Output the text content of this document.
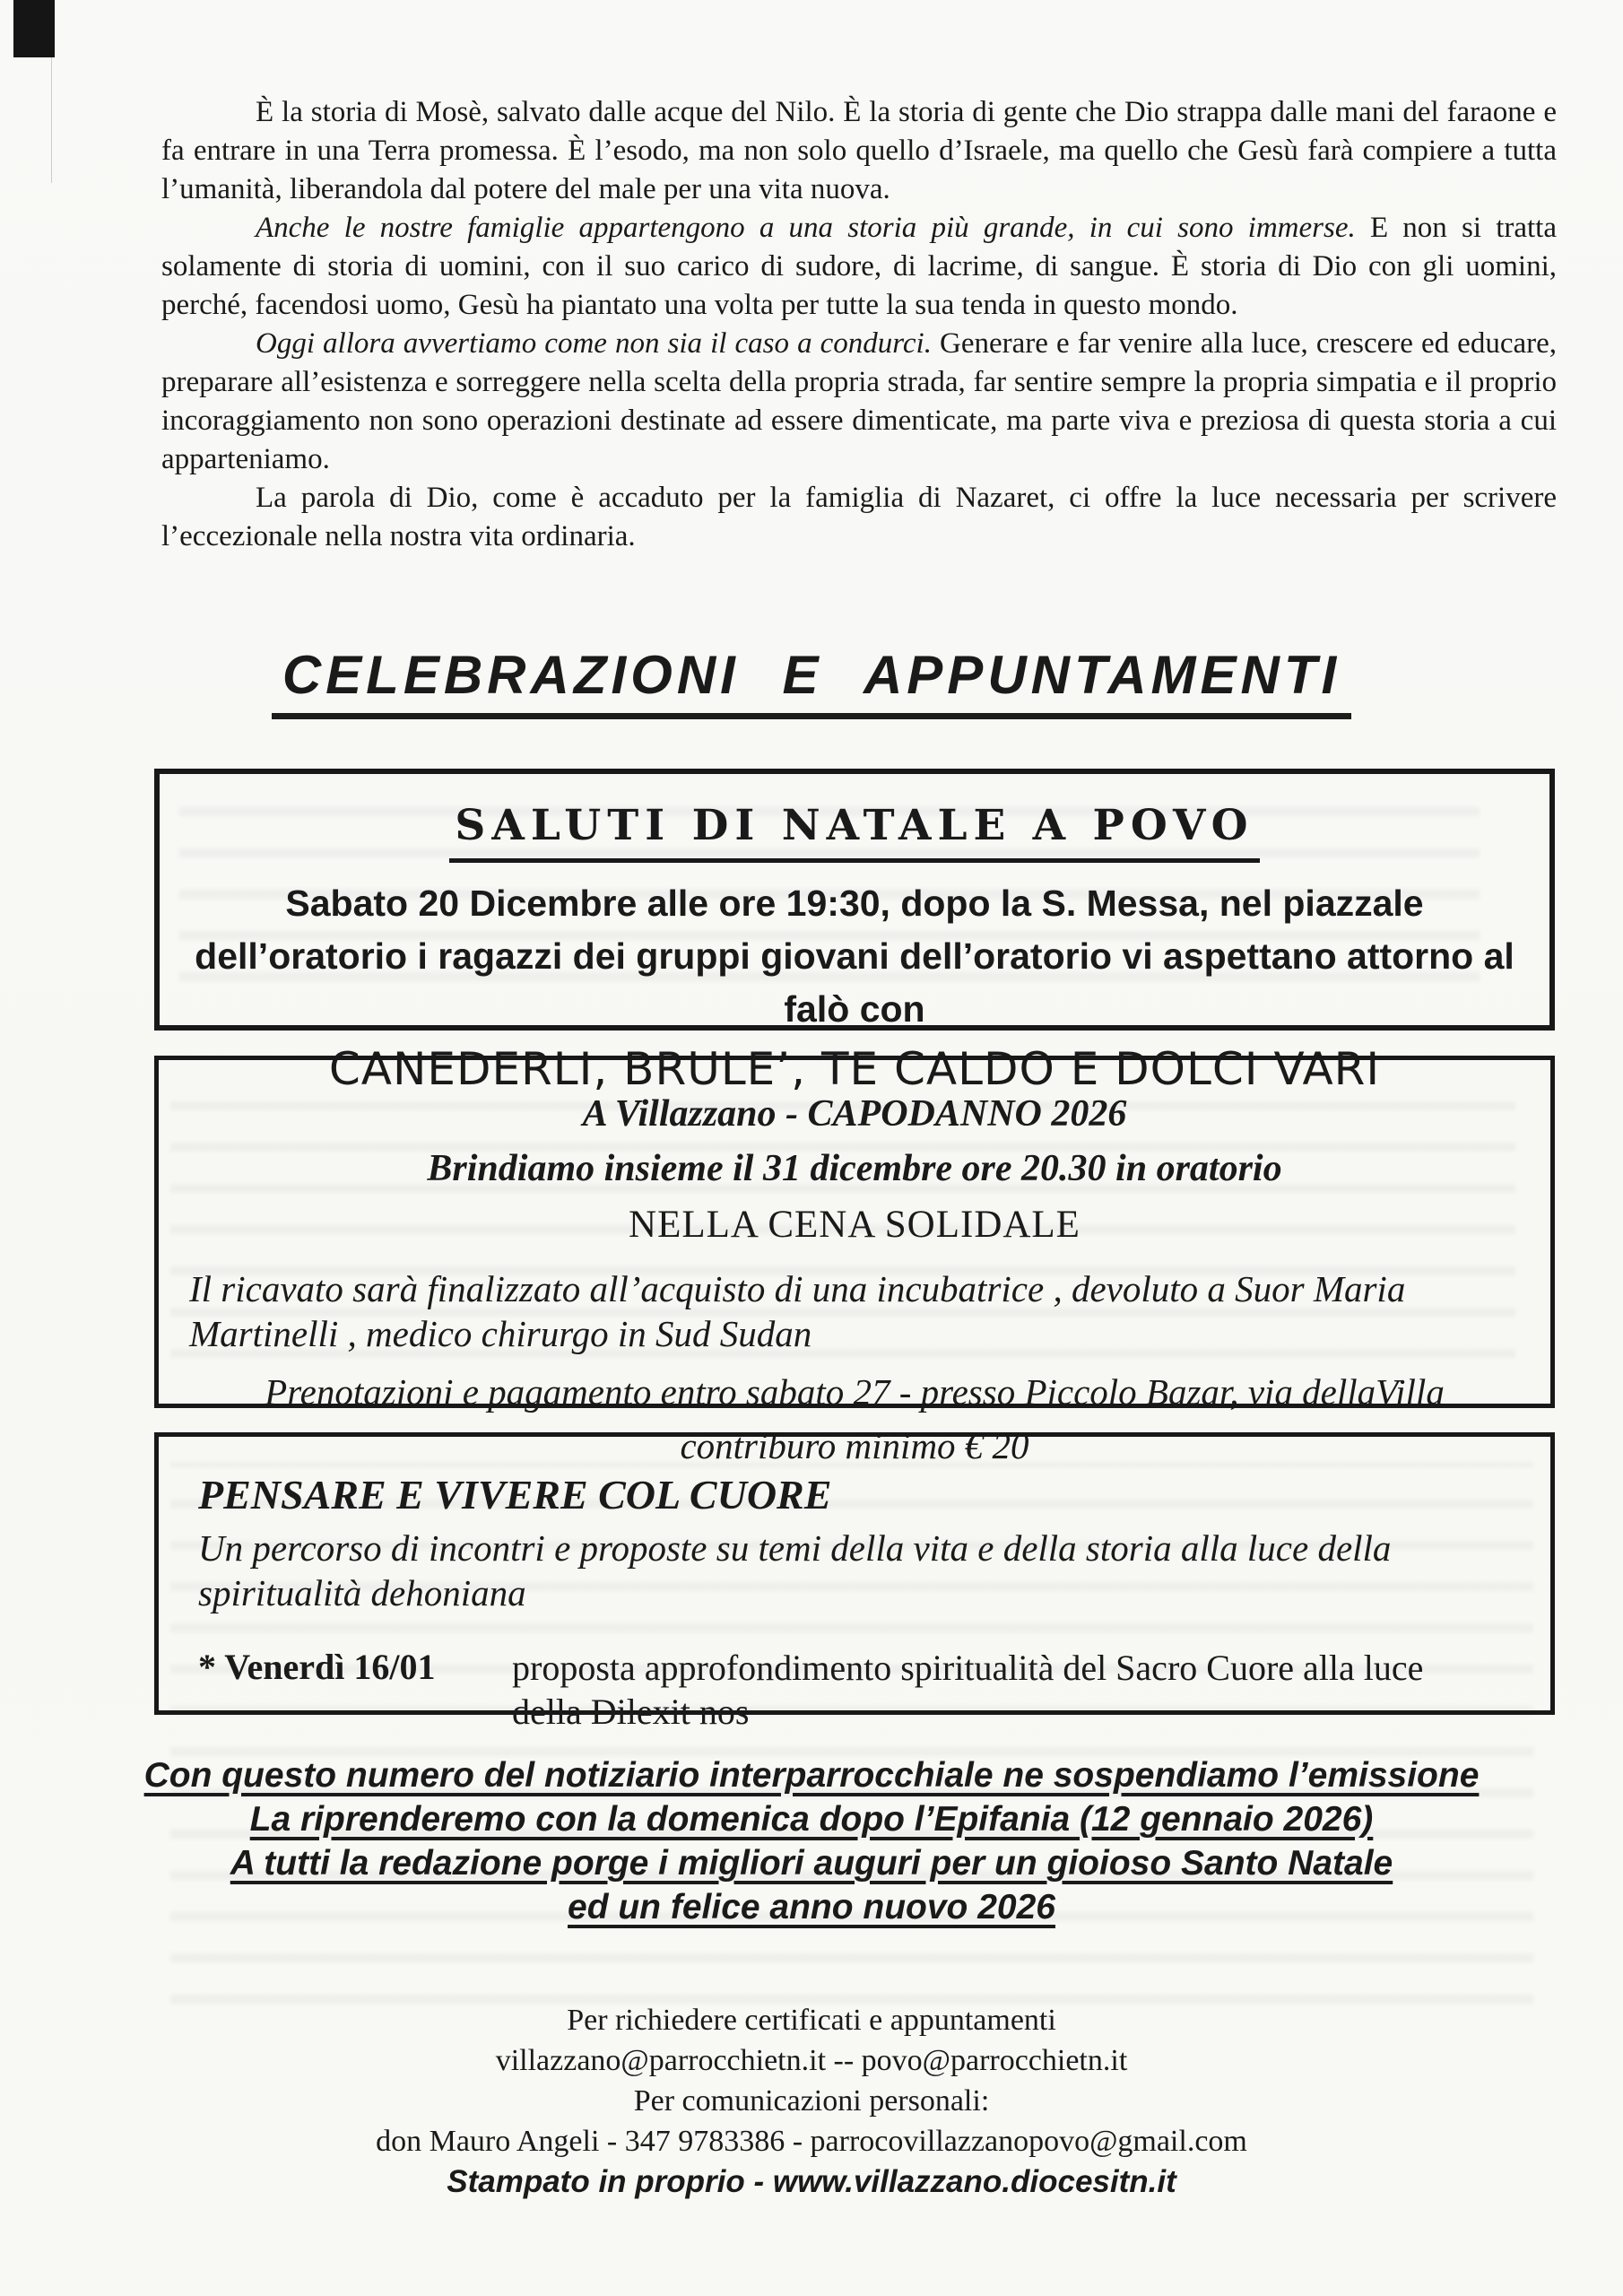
È la storia di Mosè, salvato dalle acque del Nilo. È la storia di gente che Dio strappa dalle mani del faraone e fa entrare in una Terra promessa. È l’esodo, ma non solo quello d’Israele, ma quello che Gesù farà compiere a tutta l’umanità, liberandola dal potere del male per una vita nuova.

Anche le nostre famiglie appartengono a una storia più grande, in cui sono immerse. E non si tratta solamente di storia di uomini, con il suo carico di sudore, di lacrime, di sangue. È storia di Dio con gli uomini, perché, facendosi uomo, Gesù ha piantato una volta per tutte la sua tenda in questo mondo.

Oggi allora avvertiamo come non sia il caso a condurci. Generare e far venire alla luce, crescere ed educare, preparare all’esistenza e sorreggere nella scelta della propria strada, far sentire sempre la propria simpatia e il proprio incoraggiamento non sono operazioni destinate ad essere dimenticate, ma parte viva e preziosa di questa storia a cui apparteniamo.

La parola di Dio, come è accaduto per la famiglia di Nazaret, ci offre la luce necessaria per scrivere l’eccezionale nella nostra vita ordinaria.

CELEBRAZIONI E APPUNTAMENTI
SALUTI DI NATALE A POVO
Sabato 20 Dicembre alle ore 19:30, dopo la S. Messa, nel piazzale dell’oratorio i ragazzi dei gruppi giovani dell’oratorio vi aspettano attorno al falò con
CANEDERLI, BRULE’, TE CALDO E DOLCI VARI
A Villazzano - CAPODANNO 2026
Brindiamo insieme il 31 dicembre ore 20.30 in oratorio
NELLA CENA SOLIDALE
Il ricavato sarà finalizzato all’acquisto di una incubatrice , devoluto a Suor Maria Martinelli , medico chirurgo in Sud Sudan
Prenotazioni e pagamento entro sabato 27 - presso Piccolo Bazar, via dellaVilla
contriburo minimo € 20
PENSARE E VIVERE COL CUORE
Un percorso di incontri e proposte su temi della vita e della storia alla luce della spiritualità dehoniana
* Venerdì 16/01	proposta approfondimento spiritualità del Sacro Cuore alla luce della Dilexit nos
Con questo numero del notiziario interparrocchiale ne sospendiamo l’emissione
La riprenderemo con la domenica dopo l’Epifania (12 gennaio 2026)
A tutti la redazione porge i migliori auguri per un gioioso Santo Natale
ed un felice anno nuovo 2026
Per richiedere certificati e appuntamenti
villazzano@parrocchietn.it -- povo@parrocchietn.it
Per comunicazioni personali:
don Mauro Angeli - 347 9783386 - parrocovillazzanopovo@gmail.com
Stampato in proprio - www.villazzano.diocesitn.it
